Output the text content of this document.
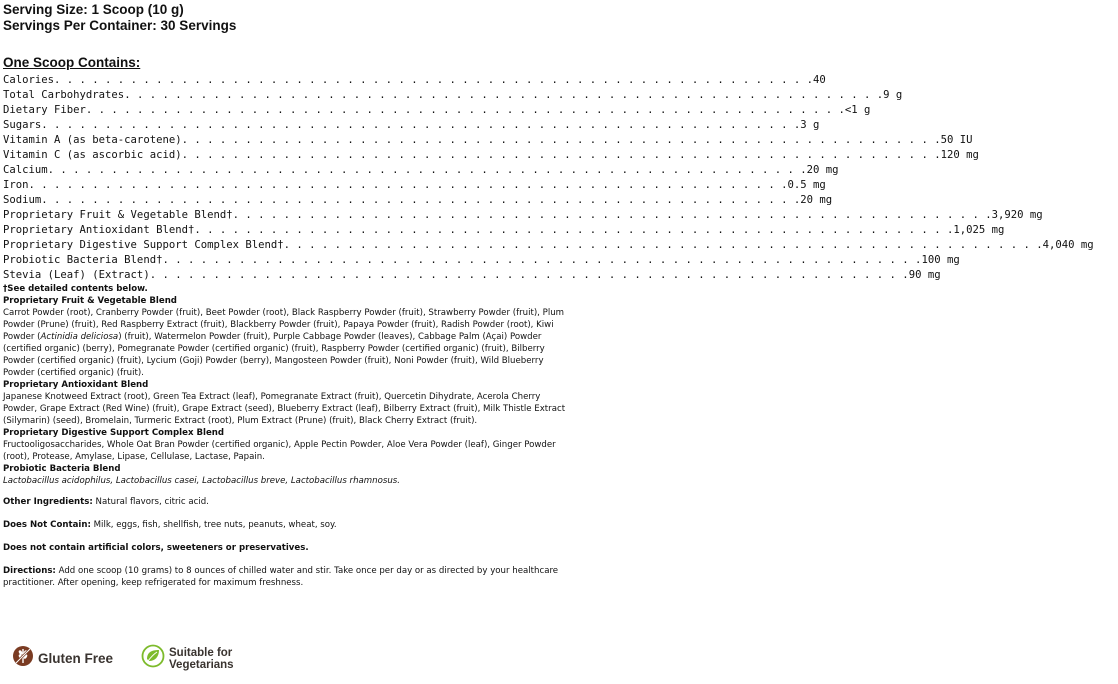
Serving Size: 1 Scoop (10 g)
Servings Per Container: 30 Servings
One Scoop Contains:
Calories . . . . . . . . . . . . . . . . . . . . . . . . . . . . . . . . . . . . . . . . . . . . . . . . . . . . . . . . . . . . 40
Total Carbohydrates . . . . . . . . . . . . . . . . . . . . . . . . . . . . . . . . . . . . . . . . . . . . . . . . . . . . . . . . . . . . 9 g
Dietary Fiber . . . . . . . . . . . . . . . . . . . . . . . . . . . . . . . . . . . . . . . . . . . . . . . . . . . . . . . . . . . . <1 g
Sugars . . . . . . . . . . . . . . . . . . . . . . . . . . . . . . . . . . . . . . . . . . . . . . . . . . . . . . . . . . . . 3 g
Vitamin A (as beta-carotene) . . . . . . . . . . . . . . . . . . . . . . . . . . . . . . . . . . . . . . . . . . . . . . . . . . . . . . . . . . . . 50 IU
Vitamin C (as ascorbic acid) . . . . . . . . . . . . . . . . . . . . . . . . . . . . . . . . . . . . . . . . . . . . . . . . . . . . . . . . . . . . 120 mg
Calcium . . . . . . . . . . . . . . . . . . . . . . . . . . . . . . . . . . . . . . . . . . . . . . . . . . . . . . . . . . . . 20 mg
Iron . . . . . . . . . . . . . . . . . . . . . . . . . . . . . . . . . . . . . . . . . . . . . . . . . . . . . . . . . . . . 0.5 mg
Sodium . . . . . . . . . . . . . . . . . . . . . . . . . . . . . . . . . . . . . . . . . . . . . . . . . . . . . . . . . . . . 20 mg
Proprietary Fruit & Vegetable Blend† . . . . . . . . . . . . . . . . . . . . . . . . . . . . . . . . . . . . . . . . . . . . . . . . . . . . . . . . . . . . 3,920 mg
Proprietary Antioxidant Blend† . . . . . . . . . . . . . . . . . . . . . . . . . . . . . . . . . . . . . . . . . . . . . . . . . . . . . . . . . . . . 1,025 mg
Proprietary Digestive Support Complex Blend† . . . . . . . . . . . . . . . . . . . . . . . . . . . . . . . . . . . . . . . . . . . . . . . . . . . . . . . . . . . . 4,040 mg
Probiotic Bacteria Blend† . . . . . . . . . . . . . . . . . . . . . . . . . . . . . . . . . . . . . . . . . . . . . . . . . . . . . . . . . . . . 100 mg
Stevia (Leaf) (Extract) . . . . . . . . . . . . . . . . . . . . . . . . . . . . . . . . . . . . . . . . . . . . . . . . . . . . . . . . . . . . 90 mg
†See detailed contents below.
Proprietary Fruit & Vegetable Blend
Carrot Powder (root), Cranberry Powder (fruit), Beet Powder (root), Black Raspberry Powder (fruit), Strawberry Powder (fruit), Plum Powder (Prune) (fruit), Red Raspberry Extract (fruit), Blackberry Powder (fruit), Papaya Powder (fruit), Radish Powder (root), Kiwi Powder (Actinidia deliciosa) (fruit), Watermelon Powder (fruit), Purple Cabbage Powder (leaves), Cabbage Palm (Açai) Powder (certified organic) (berry), Pomegranate Powder (certified organic) (fruit), Raspberry Powder (certified organic) (fruit), Bilberry Powder (certified organic) (fruit), Lycium (Goji) Powder (berry), Mangosteen Powder (fruit), Noni Powder (fruit), Wild Blueberry Powder (certified organic) (fruit).
Proprietary Antioxidant Blend
Japanese Knotweed Extract (root), Green Tea Extract (leaf), Pomegranate Extract (fruit), Quercetin Dihydrate, Acerola Cherry Powder, Grape Extract (Red Wine) (fruit), Grape Extract (seed), Blueberry Extract (leaf), Bilberry Extract (fruit), Milk Thistle Extract (Silymarin) (seed), Bromelain, Turmeric Extract (root), Plum Extract (Prune) (fruit), Black Cherry Extract (fruit).
Proprietary Digestive Support Complex Blend
Fructooligosaccharides, Whole Oat Bran Powder (certified organic), Apple Pectin Powder, Aloe Vera Powder (leaf), Ginger Powder (root), Protease, Amylase, Lipase, Cellulase, Lactase, Papain.
Probiotic Bacteria Blend
Lactobacillus acidophilus, Lactobacillus casei, Lactobacillus breve, Lactobacillus rhamnosus.
Other Ingredients: Natural flavors, citric acid.
Does Not Contain: Milk, eggs, fish, shellfish, tree nuts, peanuts, wheat, soy.
Does not contain artificial colors, sweeteners or preservatives.
Directions: Add one scoop (10 grams) to 8 ounces of chilled water and stir. Take once per day or as directed by your healthcare practitioner. After opening, keep refrigerated for maximum freshness.
Gluten Free	Suitable for Vegetarians
